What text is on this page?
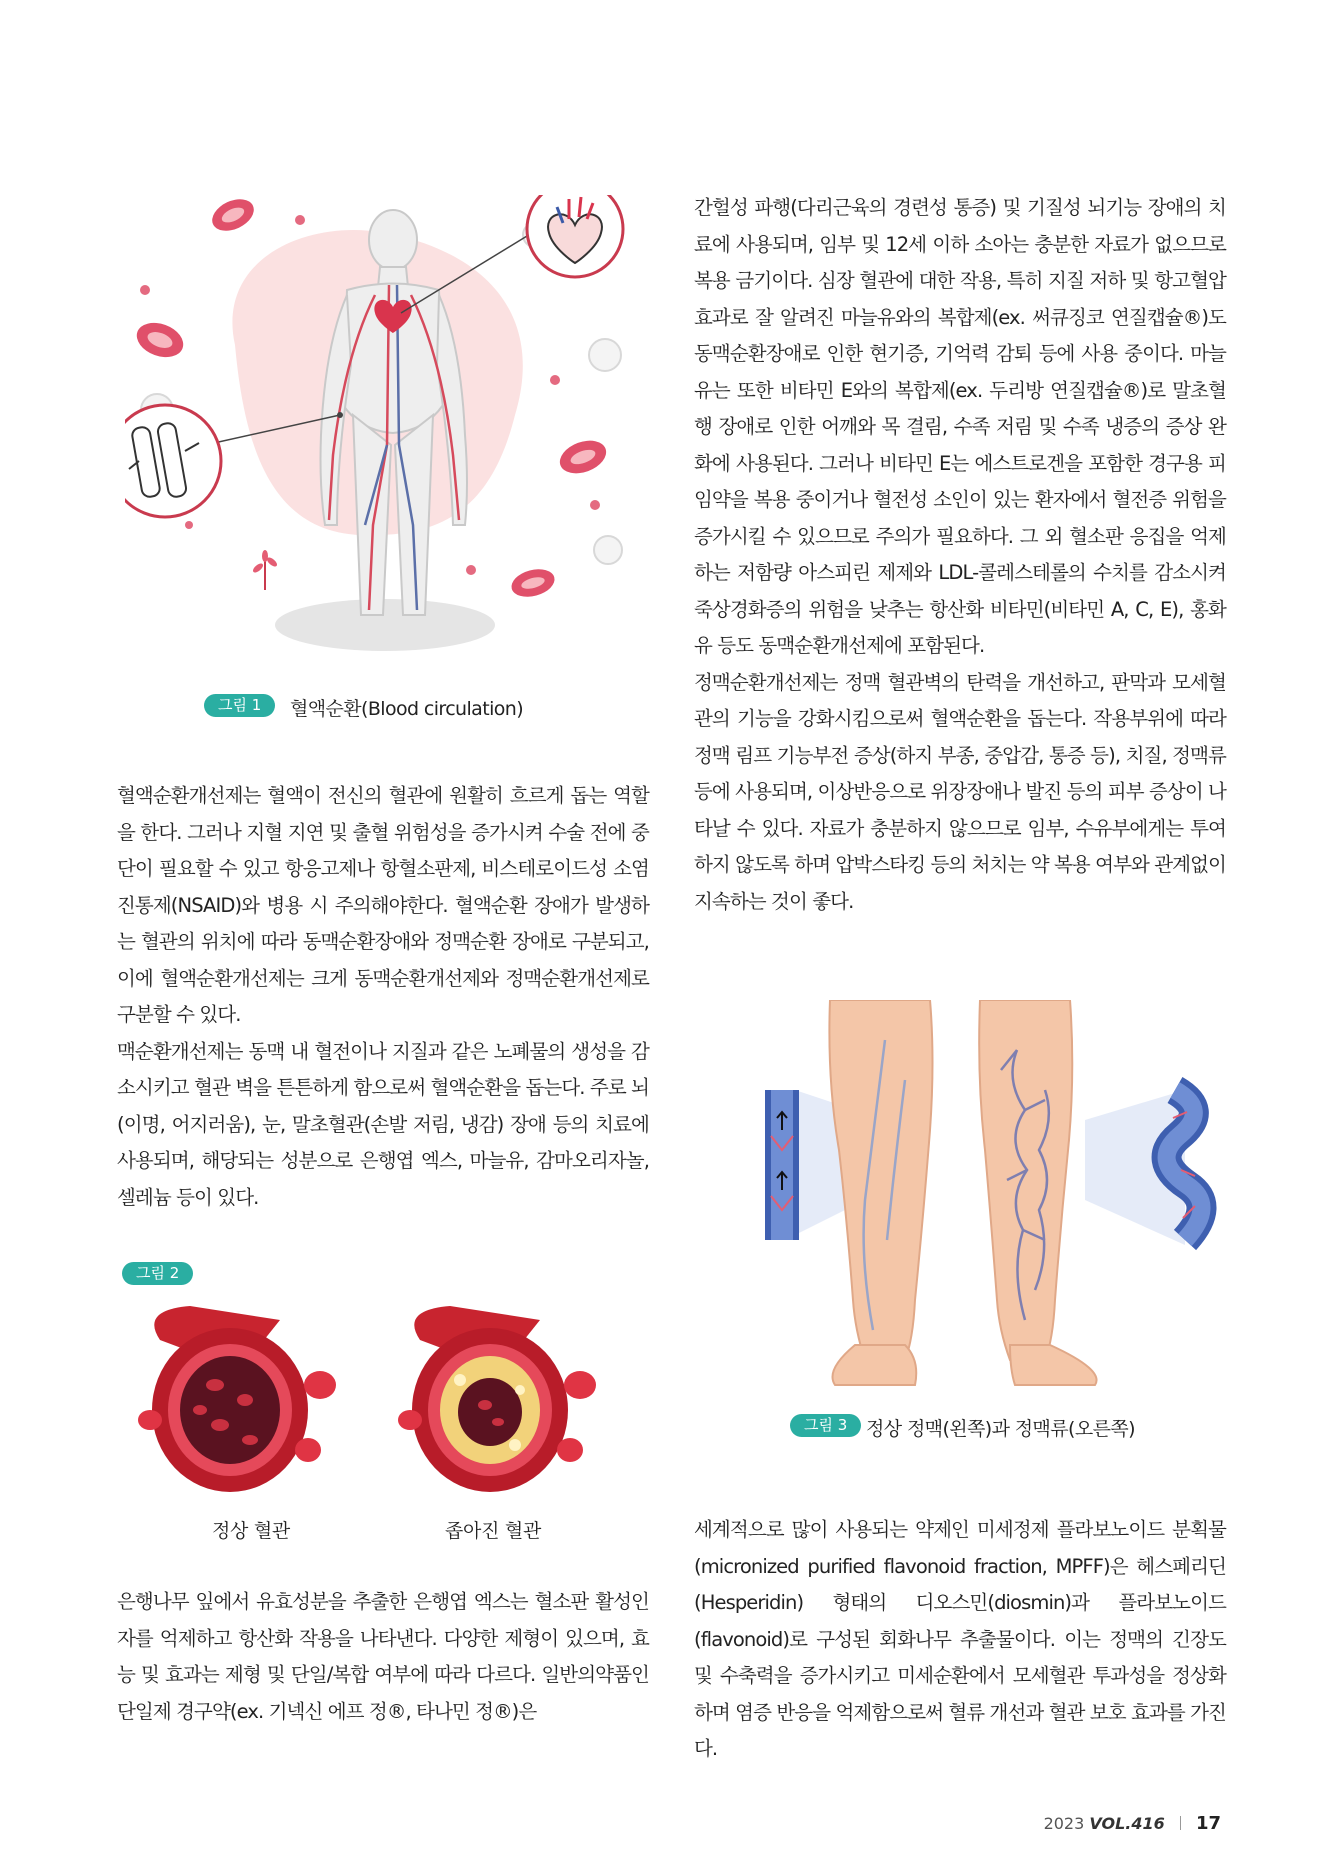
그림 1	혈액순환(Blood circulation)

혈액순환개선제는 혈액이 전신의 혈관에 원활히 흐르게 돕는 역할을 한다. 그러나 지혈 지연 및 출혈 위험성을 증가시켜 수술 전에 중단이 필요할 수 있고 항응고제나 항혈소판제, 비스테로이드성 소염진통제(NSAID)와 병용 시 주의해야한다. 혈액순환 장애가 발생하는 혈관의 위치에 따라 동맥순환장애와 정맥순환 장애로 구분되고, 이에 혈액순환개선제는 크게 동맥순환개선제와 정맥순환개선제로 구분할 수 있다.

맥순환개선제는 동맥 내 혈전이나 지질과 같은 노폐물의 생성을 감소시키고 혈관 벽을 튼튼하게 함으로써 혈액순환을 돕는다. 주로 뇌(이명, 어지러움), 눈, 말초혈관(손발 저림, 냉감) 장애 등의 치료에 사용되며, 해당되는 성분으로 은행엽 엑스, 마늘유, 감마오리자놀, 셀레늄 등이 있다.

그림 2
정상 혈관	좁아진 혈관

은행나무 잎에서 유효성분을 추출한 은행엽 엑스는 혈소판 활성인자를 억제하고 항산화 작용을 나타낸다. 다양한 제형이 있으며, 효능 및 효과는 제형 및 단일/복합 여부에 따라 다르다. 일반의약품인 단일제 경구약(ex. 기넥신 에프 정®, 타나민 정®)은

간헐성 파행(다리근육의 경련성 통증) 및 기질성 뇌기능 장애의 치료에 사용되며, 임부 및 12세 이하 소아는 충분한 자료가 없으므로 복용 금기이다. 심장 혈관에 대한 작용, 특히 지질 저하 및 항고혈압 효과로 잘 알려진 마늘유와의 복합제(ex. 써큐징코 연질캡슐®)도 동맥순환장애로 인한 현기증, 기억력 감퇴 등에 사용 중이다. 마늘유는 또한 비타민 E와의 복합제(ex. 두리방 연질캡슐®)로 말초혈행 장애로 인한 어깨와 목 결림, 수족 저림 및 수족 냉증의 증상 완화에 사용된다. 그러나 비타민 E는 에스트로겐을 포함한 경구용 피임약을 복용 중이거나 혈전성 소인이 있는 환자에서 혈전증 위험을 증가시킬 수 있으므로 주의가 필요하다. 그 외 혈소판 응집을 억제하는 저함량 아스피린 제제와 LDL-콜레스테롤의 수치를 감소시켜 죽상경화증의 위험을 낮추는 항산화 비타민(비타민 A, C, E), 홍화유 등도 동맥순환개선제에 포함된다.

정맥순환개선제는 정맥 혈관벽의 탄력을 개선하고, 판막과 모세혈관의 기능을 강화시킴으로써 혈액순환을 돕는다. 작용부위에 따라 정맥 림프 기능부전 증상(하지 부종, 중압감, 통증 등), 치질, 정맥류 등에 사용되며, 이상반응으로 위장장애나 발진 등의 피부 증상이 나타날 수 있다. 자료가 충분하지 않으므로 임부, 수유부에게는 투여하지 않도록 하며 압박스타킹 등의 처치는 약 복용 여부와 관계없이 지속하는 것이 좋다.

그림 3 정상 정맥(왼쪽)과 정맥류(오른쪽)

세계적으로 많이 사용되는 약제인 미세정제 플라보노이드 분획물(micronized purified flavonoid fraction, MPFF)은 헤스페리딘(Hesperidin) 형태의 디오스민(diosmin)과 플라보노이드(flavonoid)로 구성된 회화나무 추출물이다. 이는 정맥의 긴장도 및 수축력을 증가시키고 미세순환에서 모세혈관 투과성을 정상화하며 염증 반응을 억제함으로써 혈류 개선과 혈관 보호 효과를 가진다.

2023 VOL.416 17
